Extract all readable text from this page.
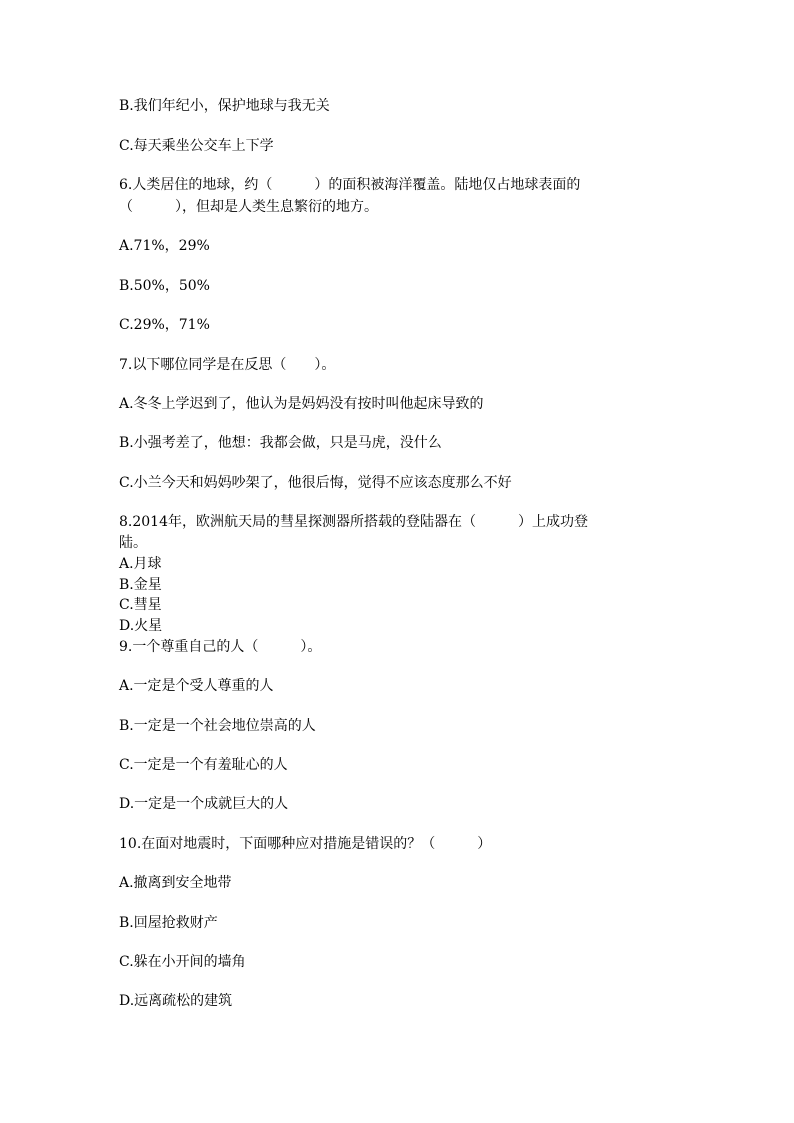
B.我们年纪小，保护地球与我无关
C.每天乘坐公交车上下学
6.人类居住的地球，约（　　　）的面积被海洋覆盖。陆地仅占地球表面的
（　　　），但却是人类生息繁衍的地方。
A.71%，29%
B.50%，50%
C.29%，71%
7.以下哪位同学是在反思（　　）。
A.冬冬上学迟到了，他认为是妈妈没有按时叫他起床导致的
B.小强考差了，他想：我都会做，只是马虎，没什么
C.小兰今天和妈妈吵架了，他很后悔，觉得不应该态度那么不好
8.2014年，欧洲航天局的彗星探测器所搭载的登陆器在（　　　）上成功登
陆。
A.月球
B.金星
C.彗星
D.火星
9.一个尊重自己的人（　　　）。
A.一定是个受人尊重的人
B.一定是一个社会地位崇高的人
C.一定是一个有羞耻心的人
D.一定是一个成就巨大的人
10.在面对地震时，下面哪种应对措施是错误的？（　　　）
A.撤离到安全地带
B.回屋抢救财产
C.躲在小开间的墙角
D.远离疏松的建筑
